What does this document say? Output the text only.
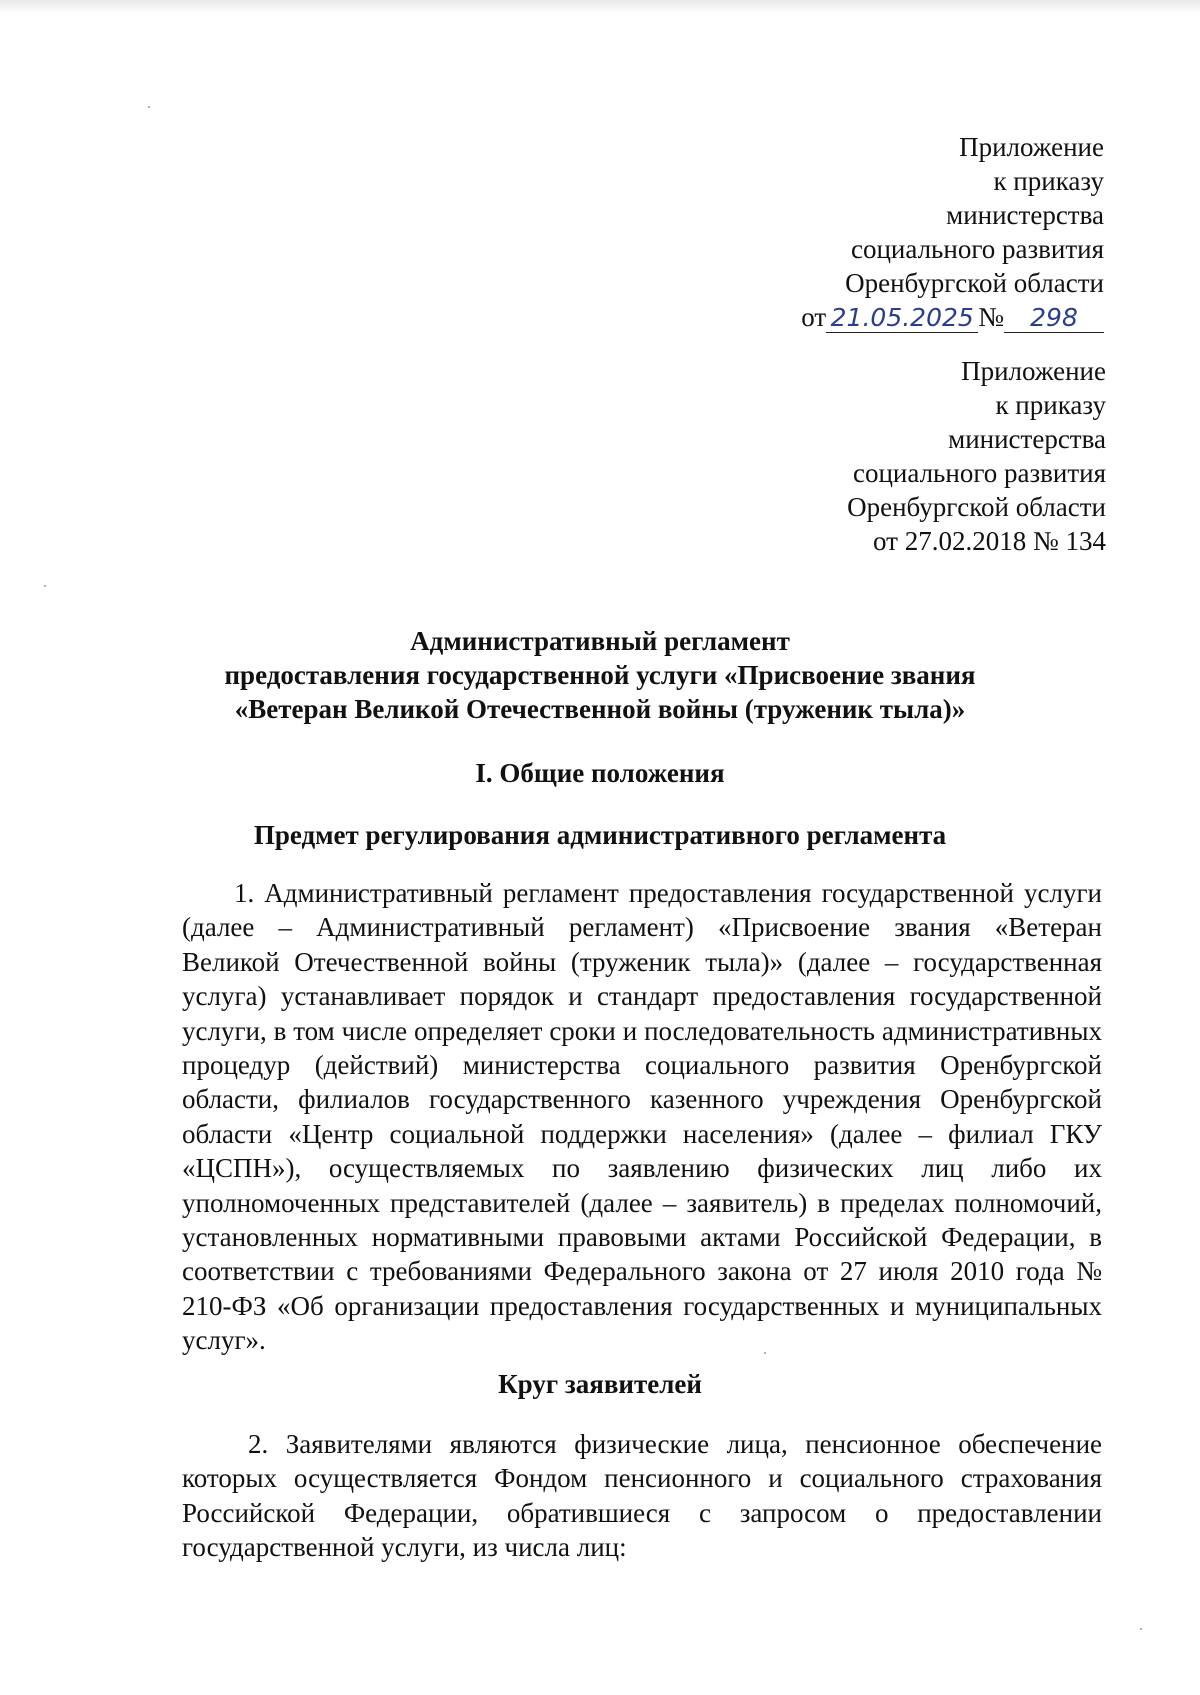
Приложение
к приказу
министерства
социального развития
Оренбургской области
от 21.05.2025 № 298
Приложение
к приказу
министерства
социального развития
Оренбургской области
от 27.02.2018 № 134
Административный регламент
предоставления государственной услуги «Присвоение звания
«Ветеран Великой Отечественной войны (труженик тыла)»
I. Общие положения
Предмет регулирования административного регламента
1. Административный регламент предоставления государственной услуги (далее – Административный регламент) «Присвоение звания «Ветеран Великой Отечественной войны (труженик тыла)» (далее – государственная услуга) устанавливает порядок и стандарт предоставления государственной услуги, в том числе определяет сроки и последовательность административных процедур (действий) министерства социального развития Оренбургской области, филиалов государственного казенного учреждения Оренбургской области «Центр социальной поддержки населения» (далее – филиал ГКУ «ЦСПН»), осуществляемых по заявлению физических лиц либо их уполномоченных представителей (далее – заявитель) в пределах полномочий, установленных нормативными правовыми актами Российской Федерации, в соответствии с требованиями Федерального закона от 27 июля 2010 года № 210-ФЗ «Об организации предоставления государственных и муниципальных услуг».
Круг заявителей
2. Заявителями являются физические лица, пенсионное обеспечение которых осуществляется Фондом пенсионного и социального страхования Российской Федерации, обратившиеся с запросом о предоставлении государственной услуги, из числа лиц:
